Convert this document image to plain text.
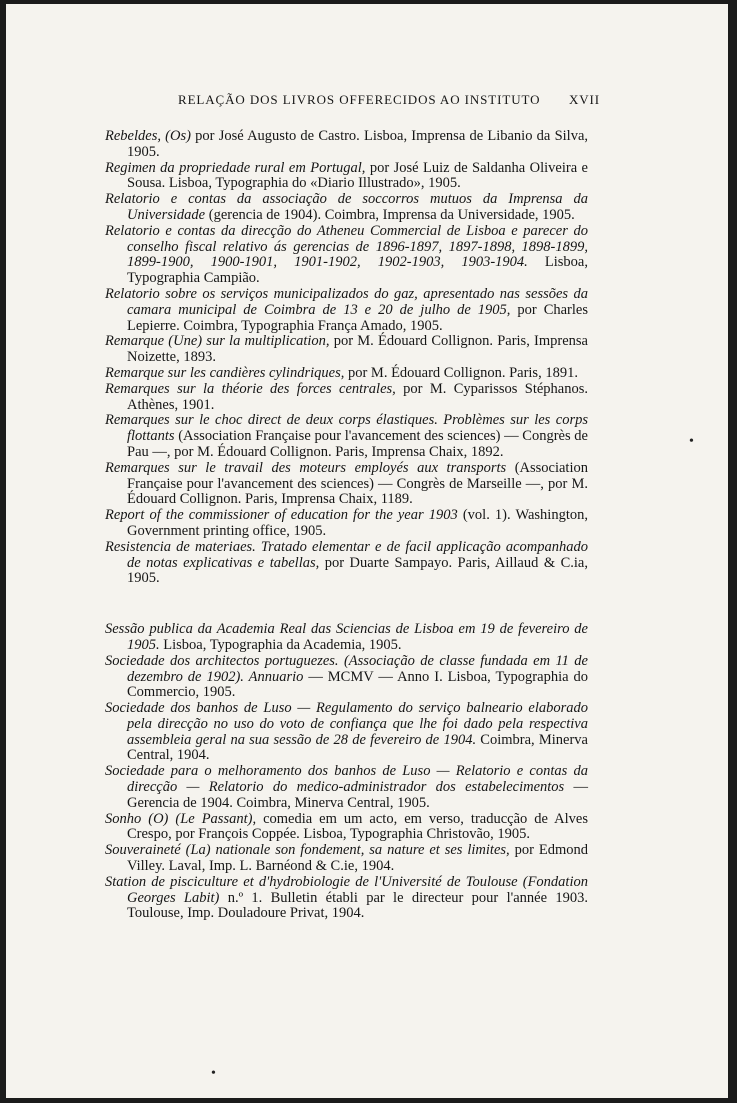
RELAÇÃO DOS LIVROS OFFERECIDOS AO INSTITUTO XVII

Rebeldes, (Os) por José Augusto de Castro. Lisboa, Imprensa de Libanio da Silva, 1905.

Regimen da propriedade rural em Portugal, por José Luiz de Saldanha Oliveira e Sousa. Lisboa, Typographia do «Diario Illustrado», 1905.

Relatorio e contas da associação de soccorros mutuos da Imprensa da Universidade (gerencia de 1904). Coimbra, Imprensa da Universidade, 1905.

Relatorio e contas da direcção do Atheneu Commercial de Lisboa e parecer do conselho fiscal relativo ás gerencias de 1896-1897, 1897-1898, 1898-1899, 1899-1900, 1900-1901, 1901-1902, 1902-1903, 1903-1904. Lisboa, Typographia Campião.

Relatorio sobre os serviços municipalizados do gaz, apresentado nas sessões da camara municipal de Coimbra de 13 e 20 de julho de 1905, por Charles Lepierre. Coimbra, Typographia França Amado, 1905.

Remarque (Une) sur la multiplication, por M. Édouard Collignon. Paris, Imprensa Noizette, 1893.

Remarque sur les candières cylindriques, por M. Édouard Collignon. Paris, 1891.

Remarques sur la théorie des forces centrales, por M. Cyparissos Stéphanos. Athènes, 1901.

Remarques sur le choc direct de deux corps élastiques. Problèmes sur les corps flottants (Association Française pour l'avancement des sciences) — Congrès de Pau —, por M. Édouard Collignon. Paris, Imprensa Chaix, 1892.

Remarques sur le travail des moteurs employés aux transports (Association Française pour l'avancement des sciences) — Congrès de Marseille —, por M. Édouard Collignon. Paris, Imprensa Chaix, 1189.

Report of the commissioner of education for the year 1903 (vol. 1). Washington, Government printing office, 1905.

Resistencia de materiaes. Tratado elementar e de facil applicação acompanhado de notas explicativas e tabellas, por Duarte Sampayo. Paris, Aillaud & C.ia, 1905.

Sessão publica da Academia Real das Sciencias de Lisboa em 19 de fevereiro de 1905. Lisboa, Typographia da Academia, 1905.

Sociedade dos architectos portuguezes. (Associação de classe fundada em 11 de dezembro de 1902). Annuario — MCMV — Anno I. Lisboa, Typographia do Commercio, 1905.

Sociedade dos banhos de Luso — Regulamento do serviço balneario elaborado pela direcção no uso do voto de confiança que lhe foi dado pela respectiva assembleia geral na sua sessão de 28 de fevereiro de 1904. Coimbra, Minerva Central, 1904.

Sociedade para o melhoramento dos banhos de Luso — Relatorio e contas da direcção — Relatorio do medico-administrador dos estabelecimentos — Gerencia de 1904. Coimbra, Minerva Central, 1905.

Sonho (O) (Le Passant), comedia em um acto, em verso, traducção de Alves Crespo, por François Coppée. Lisboa, Typographia Christovão, 1905.

Souveraineté (La) nationale son fondement, sa nature et ses limites, por Edmond Villey. Laval, Imp. L. Barnéond & C.ie, 1904.

Station de pisciculture et d'hydrobiologie de l'Université de Toulouse (Fondation Georges Labit) n.º 1. Bulletin établi par le directeur pour l'année 1903. Toulouse, Imp. Douladoure Privat, 1904.

•
•
